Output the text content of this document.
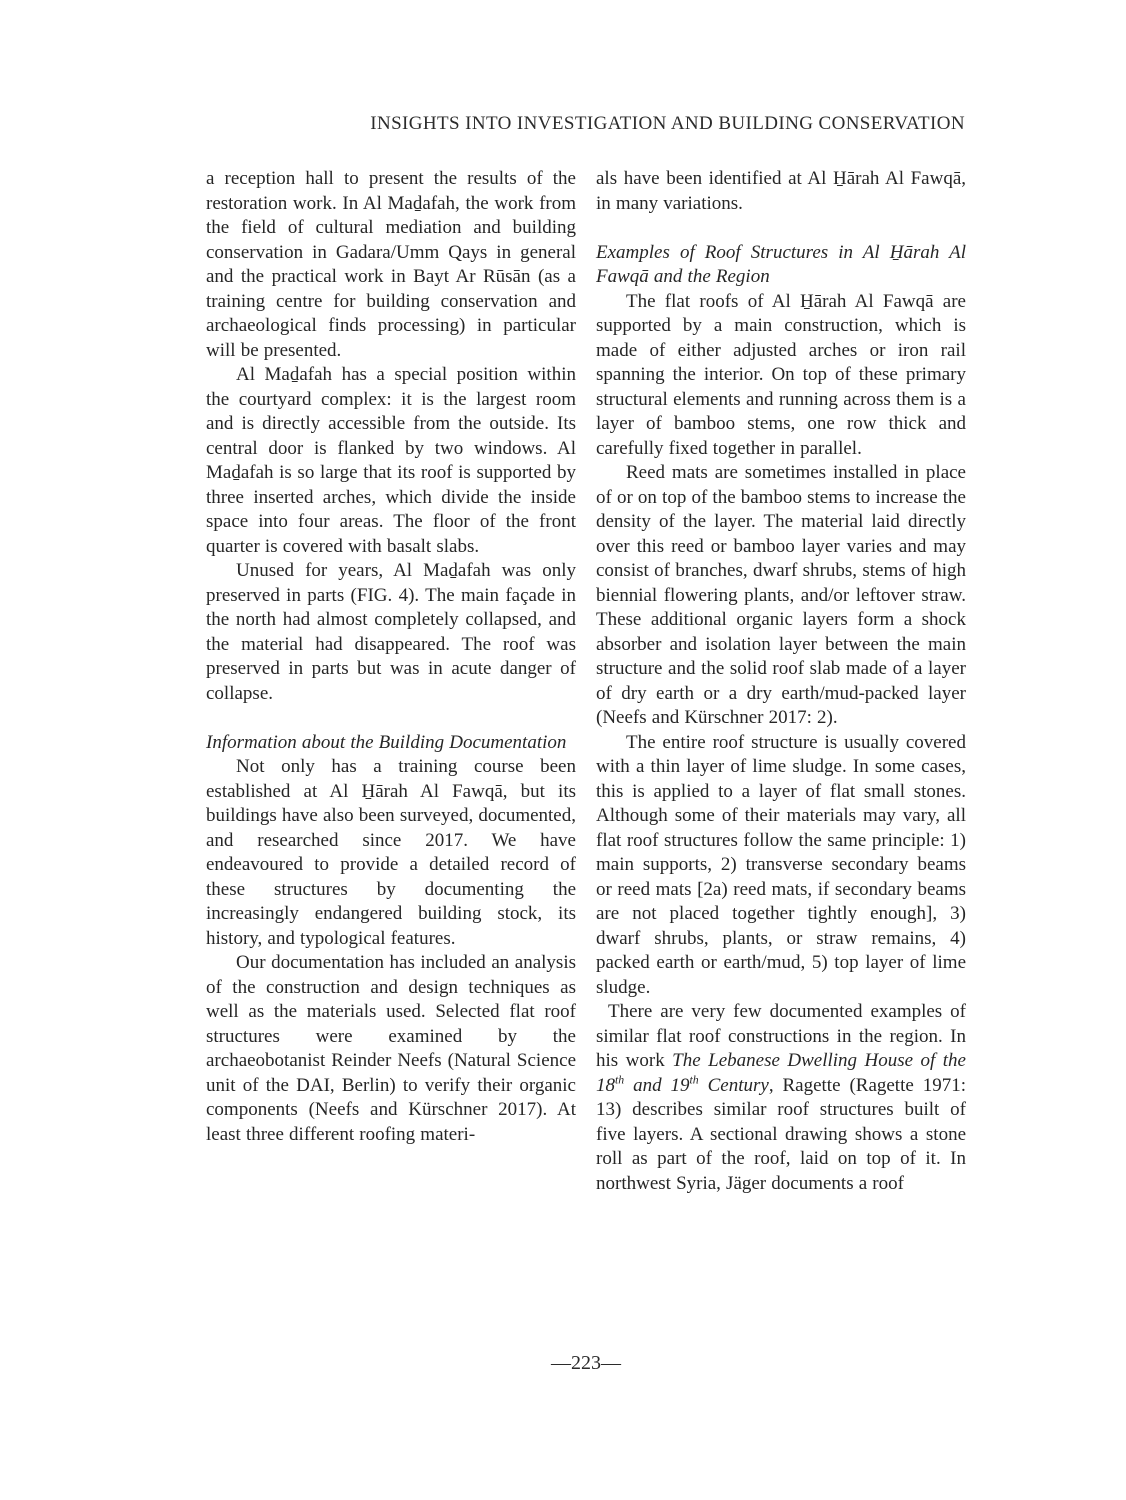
INSIGHTS INTO INVESTIGATION AND BUILDING CONSERVATION

a reception hall to present the results of the restoration work. In Al Maḏafah, the work from the field of cultural mediation and building conservation in Gadara/Umm Qays in general and the practical work in Bayt Ar Rūsān (as a training centre for building conservation and archaeological finds processing) in particular will be presented.

Al Maḏafah has a special position within the courtyard complex: it is the largest room and is directly accessible from the outside. Its central door is flanked by two windows. Al Maḏafah is so large that its roof is supported by three inserted arches, which divide the inside space into four areas. The floor of the front quarter is covered with basalt slabs.

Unused for years, Al Maḏafah was only preserved in parts (FIG. 4). The main façade in the north had almost completely collapsed, and the material had disappeared. The roof was preserved in parts but was in acute danger of collapse.

Information about the Building Documentation

Not only has a training course been established at Al H̱ārah Al Fawqā, but its buildings have also been surveyed, documented, and researched since 2017. We have endeavoured to provide a detailed record of these structures by documenting the increasingly endangered building stock, its history, and typological features.

Our documentation has included an analysis of the construction and design techniques as well as the materials used. Selected flat roof structures were examined by the archaeobotanist Reinder Neefs (Natural Science unit of the DAI, Berlin) to verify their organic components (Neefs and Kürschner 2017). At least three different roofing materi-

als have been identified at Al H̱ārah Al Fawqā, in many variations.

Examples of Roof Structures in Al H̱ārah Al Fawqā and the Region

The flat roofs of Al H̱ārah Al Fawqā are supported by a main construction, which is made of either adjusted arches or iron rail spanning the interior. On top of these primary structural elements and running across them is a layer of bamboo stems, one row thick and carefully fixed together in parallel.

Reed mats are sometimes installed in place of or on top of the bamboo stems to increase the density of the layer. The material laid directly over this reed or bamboo layer varies and may consist of branches, dwarf shrubs, stems of high biennial flowering plants, and/or leftover straw. These additional organic layers form a shock absorber and isolation layer between the main structure and the solid roof slab made of a layer of dry earth or a dry earth/mud-packed layer (Neefs and Kürschner 2017: 2).

The entire roof structure is usually covered with a thin layer of lime sludge. In some cases, this is applied to a layer of flat small stones. Although some of their materials may vary, all flat roof structures follow the same principle: 1) main supports, 2) transverse secondary beams or reed mats [2a) reed mats, if secondary beams are not placed together tightly enough], 3) dwarf shrubs, plants, or straw remains, 4) packed earth or earth/mud, 5) top layer of lime sludge.

There are very few documented examples of similar flat roof constructions in the region. In his work The Lebanese Dwelling House of the 18th and 19th Century, Ragette (Ragette 1971: 13) describes similar roof structures built of five layers. A sectional drawing shows a stone roll as part of the roof, laid on top of it. In northwest Syria, Jäger documents a roof

—223—
